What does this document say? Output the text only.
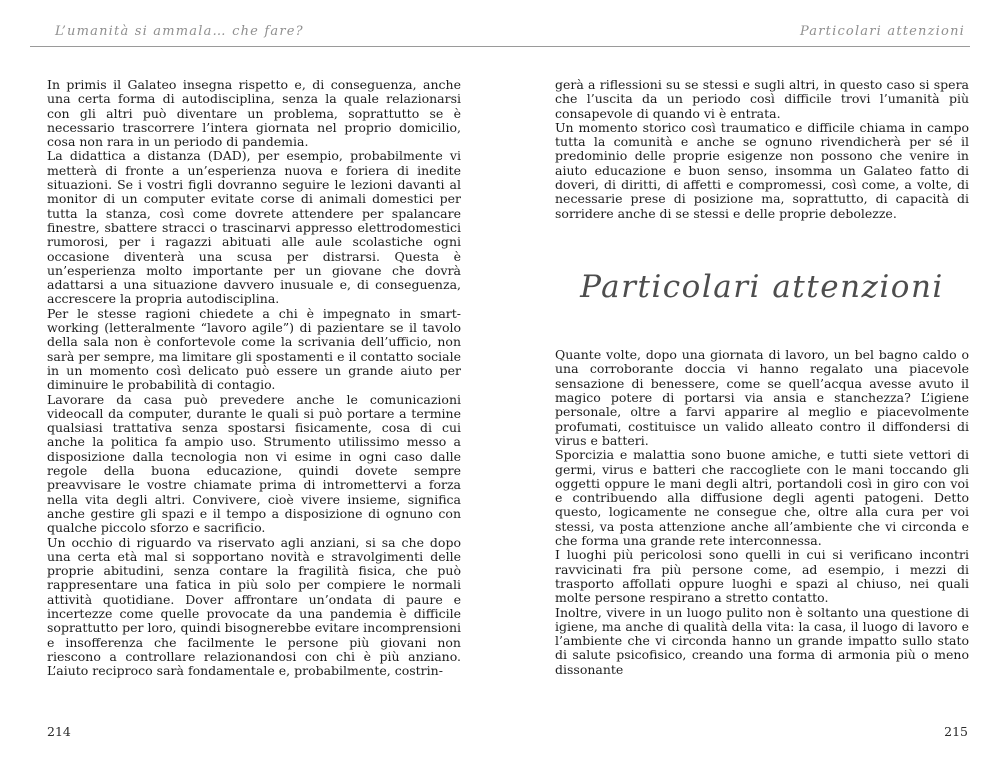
L’umanità si ammala… che fare?	Particolari attenzioni

In primis il Galateo insegna rispetto e, di conseguenza, anche una certa forma di autodisciplina, senza la quale relazionarsi con gli altri può diventare un problema, soprattutto se è necessario trascorrere l’intera giornata nel proprio domicilio, cosa non rara in un periodo di pandemia.

La didattica a distanza (DAD), per esempio, probabilmente vi metterà di fronte a un’esperienza nuova e foriera di inedite situazioni. Se i vostri figli dovranno seguire le lezioni davanti al monitor di un computer evitate corse di animali domestici per tutta la stanza, così come dovrete attendere per spalancare finestre, sbattere stracci o trascinarvi appresso elettrodomestici rumorosi, per i ragazzi abituati alle aule scolastiche ogni occasione diventerà una scusa per distrarsi. Questa è un’esperienza molto importante per un giovane che dovrà adattarsi a una situazione davvero inusuale e, di conseguenza, accrescere la propria autodisciplina.

Per le stesse ragioni chiedete a chi è impegnato in smart-working (letteralmente “lavoro agile”) di pazientare se il tavolo della sala non è confortevole come la scrivania dell’ufficio, non sarà per sempre, ma limitare gli spostamenti e il contatto sociale in un momento così delicato può essere un grande aiuto per diminuire le probabilità di contagio.

Lavorare da casa può prevedere anche le comunicazioni videocall da computer, durante le quali si può portare a termine qualsiasi trattativa senza spostarsi fisicamente, cosa di cui anche la politica fa ampio uso. Strumento utilissimo messo a disposizione dalla tecnologia non vi esime in ogni caso dalle regole della buona educazione, quindi dovete sempre preavvisare le vostre chiamate prima di intromettervi a forza nella vita degli altri. Convivere, cioè vivere insieme, significa anche gestire gli spazi e il tempo a disposizione di ognuno con qualche piccolo sforzo e sacrificio.

Un occhio di riguardo va riservato agli anziani, si sa che dopo una certa età mal si sopportano novità e stravolgimenti delle proprie abitudini, senza contare la fragilità fisica, che può rappresentare una fatica in più solo per compiere le normali attività quotidiane. Dover affrontare un’ondata di paure e incertezze come quelle provocate da una pandemia è difficile soprattutto per loro, quindi bisognerebbe evitare incomprensioni e insofferenza che facilmente le persone più giovani non riescono a controllare relazionandosi con chi è più anziano. L’aiuto reciproco sarà fondamentale e, probabilmente, costrin-

gerà a riflessioni su se stessi e sugli altri, in questo caso si spera che l’uscita da un periodo così difficile trovi l’umanità più consapevole di quando vi è entrata.

Un momento storico così traumatico e difficile chiama in campo tutta la comunità e anche se ognuno rivendicherà per sé il predominio delle proprie esigenze non possono che venire in aiuto educazione e buon senso, insomma un Galateo fatto di doveri, di diritti, di affetti e compromessi, così come, a volte, di necessarie prese di posizione ma, soprattutto, di capacità di sorridere anche di se stessi e delle proprie debolezze.

Particolari attenzioni

Quante volte, dopo una giornata di lavoro, un bel bagno caldo o una corroborante doccia vi hanno regalato una piacevole sensazione di benessere, come se quell’acqua avesse avuto il magico potere di portarsi via ansia e stanchezza? L’igiene personale, oltre a farvi apparire al meglio e piacevolmente profumati, costituisce un valido alleato contro il diffondersi di virus e batteri.

Sporcizia e malattia sono buone amiche, e tutti siete vettori di germi, virus e batteri che raccogliete con le mani toccando gli oggetti oppure le mani degli altri, portandoli così in giro con voi e contribuendo alla diffusione degli agenti patogeni. Detto questo, logicamente ne consegue che, oltre alla cura per voi stessi, va posta attenzione anche all’ambiente che vi circonda e che forma una grande rete interconnessa.

I luoghi più pericolosi sono quelli in cui si verificano incontri ravvicinati fra più persone come, ad esempio, i mezzi di trasporto affollati oppure luoghi e spazi al chiuso, nei quali molte persone respirano a stretto contatto.

Inoltre, vivere in un luogo pulito non è soltanto una questione di igiene, ma anche di qualità della vita: la casa, il luogo di lavoro e l’ambiente che vi circonda hanno un grande impatto sullo stato di salute psicofisico, creando una forma di armonia più o meno dissonante

214	215
